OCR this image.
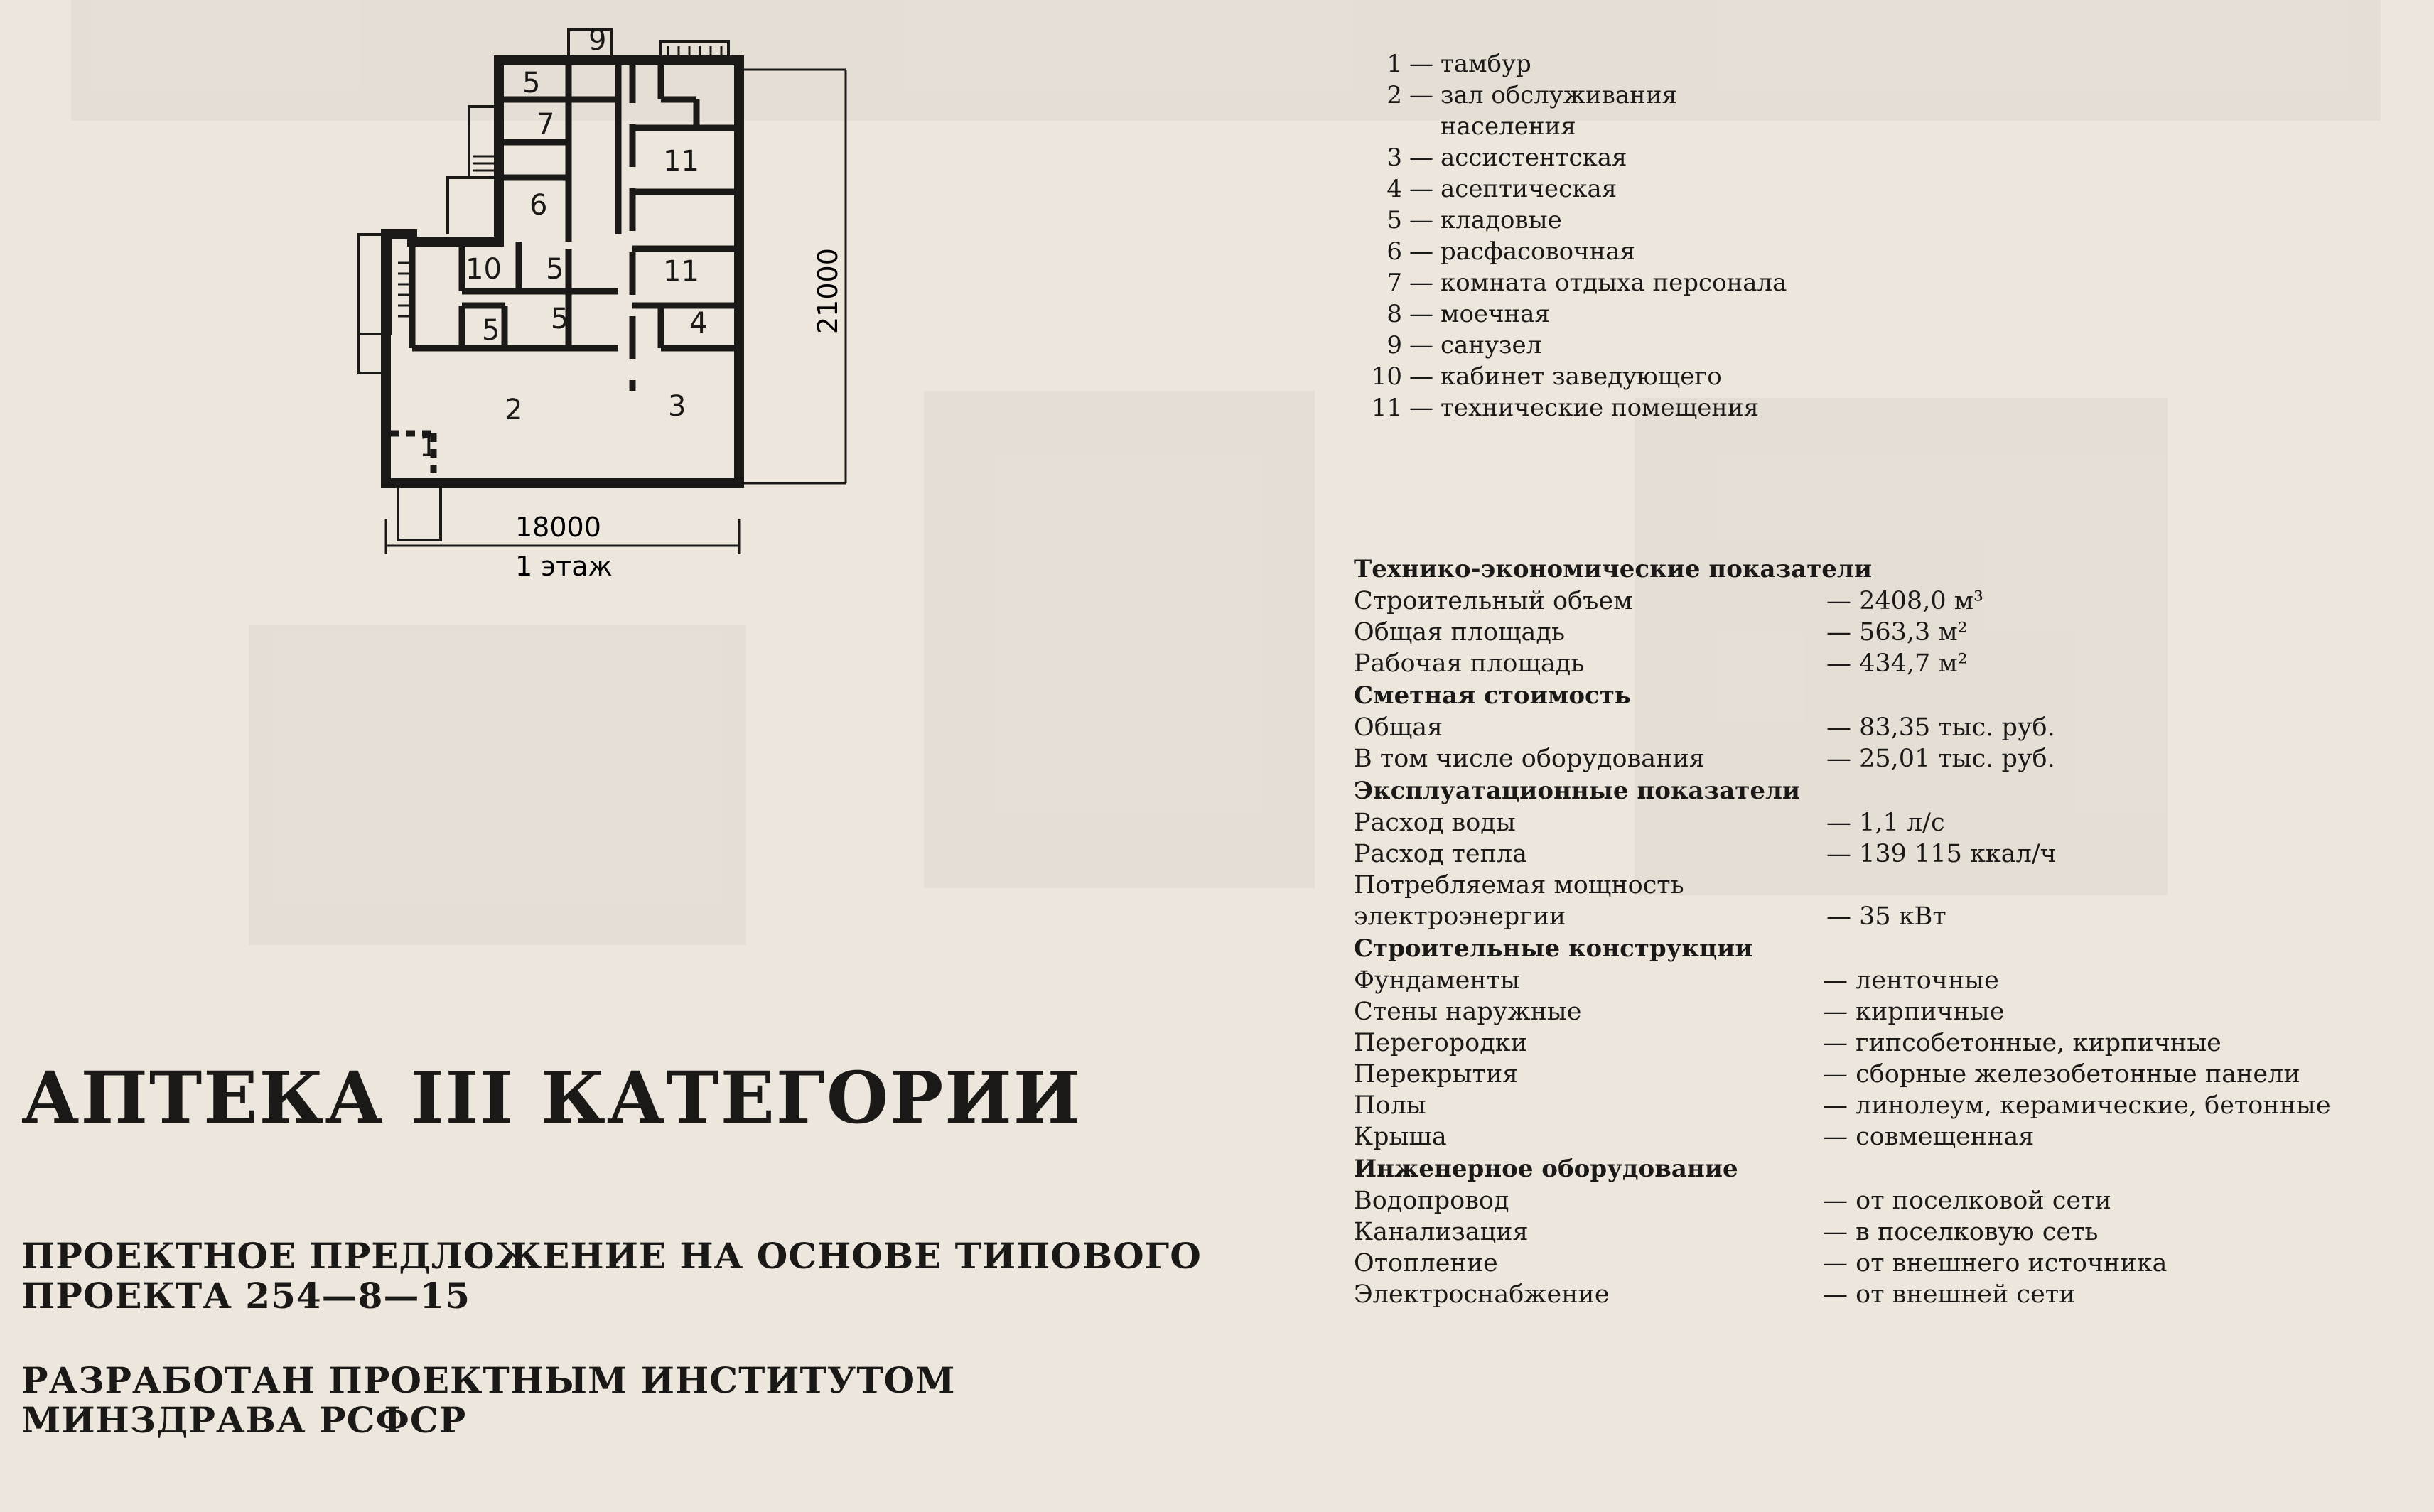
9
5
7
6
11
11
10 5
5 5	4
2	3
1
18000
1 этаж
21000
1 — тамбур
2 — зал обслуживания
населения
3 — ассистентская
4 — асептическая
5 — кладовые
6 — расфасовочная
7 — комната отдыха персонала
8 — моечная
9 — санузел
10 — кабинет заведующего
11 — технические помещения
Технико-экономические показатели
Строительный объем	— 2408,0 м³
Общая площадь	— 563,3 м²
Рабочая площадь	— 434,7 м²
Сметная стоимость
Общая	— 83,35 тыс. руб.
В том числе оборудования	— 25,01 тыс. руб.
Эксплуатационные показатели
Расход воды	— 1,1 л/с
Расход тепла	— 139 115 ккал/ч
Потребляемая мощность
электроэнергии	— 35 кВт
Строительные конструкции
Фундаменты	— ленточные
Стены наружные	— кирпичные
Перегородки	— гипсобетонные, кирпичные
Перекрытия	— сборные железобетонные панели
Полы	— линолеум, керамические, бетонные
Крыша	— совмещенная
Инженерное оборудование
Водопровод	— от поселковой сети
Канализация	— в поселковую сеть
Отопление	— от внешнего источника
Электроснабжение	— от внешней сети
АПТЕКА III КАТЕГОРИИ
ПРОЕКТНОЕ ПРЕДЛОЖЕНИЕ НА ОСНОВЕ ТИПОВОГО
ПРОЕКТА 254—8—15
РАЗРАБОТАН ПРОЕКТНЫМ ИНСТИТУТОМ
МИНЗДРАВА РСФСР
